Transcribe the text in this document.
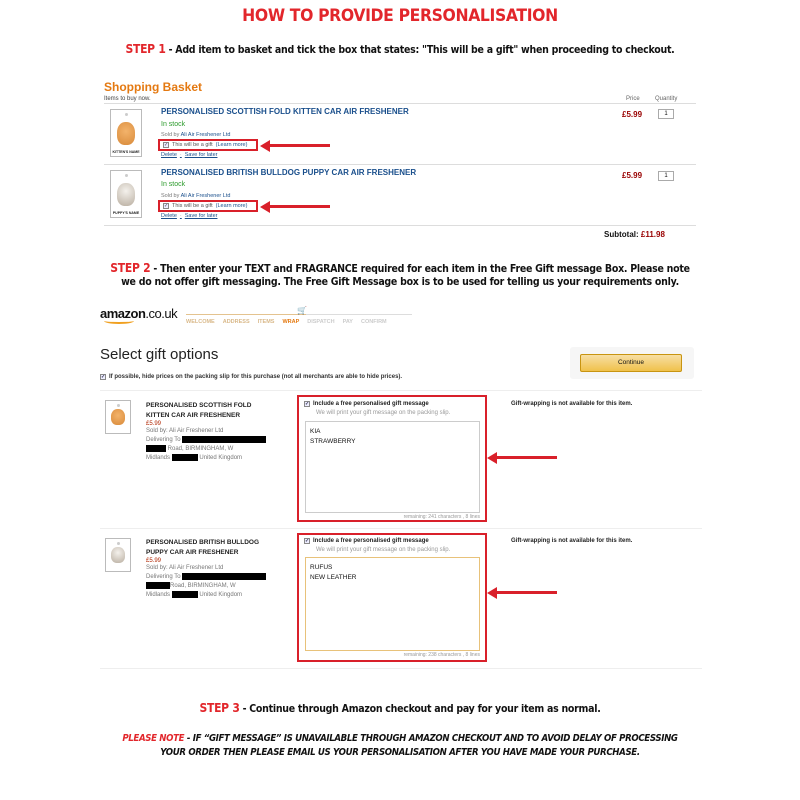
HOW TO PROVIDE PERSONALISATION
STEP 1 - Add item to basket and tick the box that states: "This will be a gift" when proceeding to checkout.
Shopping Basket
Items to buy now.	Price	Quantity
KITTEN'S NAME
PERSONALISED SCOTTISH FOLD KITTEN CAR AIR FRESHENER
In stock
Sold by Ali Air Freshener Ltd
✓ This will be a gift (Learn more)
Delete · Save for later
£5.99	1
PUPPY'S NAME
PERSONALISED BRITISH BULLDOG PUPPY CAR AIR FRESHENER
In stock
Sold by Ali Air Freshener Ltd
✓ This will be a gift (Learn more)
Delete · Save for later
£5.99	1
Subtotal: £11.98
STEP 2 - Then enter your TEXT and FRAGRANCE required for each item in the Free Gift message Box. Please note
we do not offer gift messaging. The Free Gift Message box is to be used for telling us your requirements only.
amazon.co.uk	🛒
WELCOME ADDRESS ITEMS WRAP DISPATCH PAY CONFIRM
Select gift options
✓ If possible, hide prices on the packing slip for this purchase (not all merchants are able to hide prices).
Continue
PERSONALISED SCOTTISH FOLD
KITTEN CAR AIR FRESHENER
£5.99
Sold by: Ali Air Freshener Ltd
Delivering To
Road, BIRMINGHAM, W
Midlands	United Kingdom
✓ Include a free personalised gift message
We will print your gift message on the packing slip.
KIA
STRAWBERRY
remaining: 241 characters , 8 lines
Gift-wrapping is not available for this item.
PERSONALISED BRITISH BULLDOG
PUPPY CAR AIR FRESHENER
£5.99
Sold by: Ali Air Freshener Ltd
Delivering To
Road, BIRMINGHAM, W
Midlands	United Kingdom
✓ Include a free personalised gift message
We will print your gift message on the packing slip.
RUFUS
NEW LEATHER
remaining: 238 characters , 8 lines
Gift-wrapping is not available for this item.
STEP 3 - Continue through Amazon checkout and pay for your item as normal.
PLEASE NOTE - IF “GIFT MESSAGE” IS UNAVAILABLE THROUGH AMAZON CHECKOUT AND TO AVOID DELAY OF PROCESSING
YOUR ORDER THEN PLEASE EMAIL US YOUR PERSONALISATION AFTER YOU HAVE MADE YOUR PURCHASE.
